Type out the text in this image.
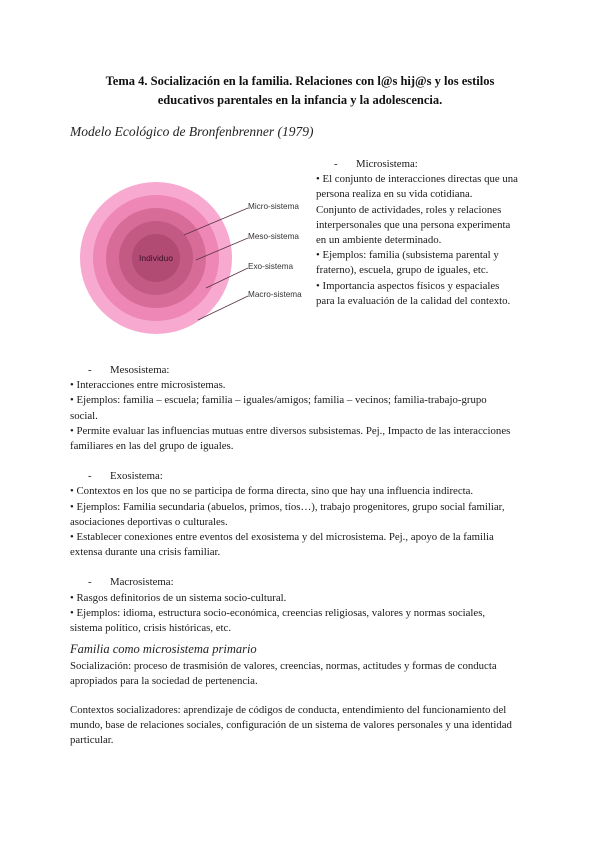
Tema 4. Socialización en la familia. Relaciones con l@s hij@s y los estilos
educativos parentales en la infancia y la adolescencia.
Modelo Ecológico de Bronfenbrenner (1979)
Individuo
Micro-sistema
Meso-sistema
Exo-sistema
Macro-sistema

- Microsistema:

• El conjunto de interacciones directas que una

persona realiza en su vida cotidiana.

Conjunto de actividades, roles y relaciones

interpersonales que una persona experimenta

en un ambiente determinado.

• Ejemplos: familia (subsistema parental y

fraterno), escuela, grupo de iguales, etc.

• Importancia aspectos físicos y espaciales

para la evaluación de la calidad del contexto.

- Mesosistema:

• Interacciones entre microsistemas.

• Ejemplos: familia – escuela; familia – iguales/amigos; familia – vecinos; familia-trabajo-grupo

social.

• Permite evaluar las influencias mutuas entre diversos subsistemas. Pej., Impacto de las interacciones

familiares en las del grupo de iguales.

- Exosistema:

• Contextos en los que no se participa de forma directa, sino que hay una influencia indirecta.

• Ejemplos: Familia secundaria (abuelos, primos, tíos…), trabajo progenitores, grupo social familiar,

asociaciones deportivas o culturales.

• Establecer conexiones entre eventos del exosistema y del microsistema. Pej., apoyo de la familia

extensa durante una crisis familiar.

- Macrosistema:

• Rasgos definitorios de un sistema socio-cultural.

• Ejemplos: idioma, estructura socio-económica, creencias religiosas, valores y normas sociales,

sistema político, crisis históricas, etc.

Familia como microsistema primario

Socialización: proceso de trasmisión de valores, creencias, normas, actitudes y formas de conducta

apropiados para la sociedad de pertenencia.

Contextos socializadores: aprendizaje de códigos de conducta, entendimiento del funcionamiento del

mundo, base de relaciones sociales, configuración de un sistema de valores personales y una identidad

particular.
